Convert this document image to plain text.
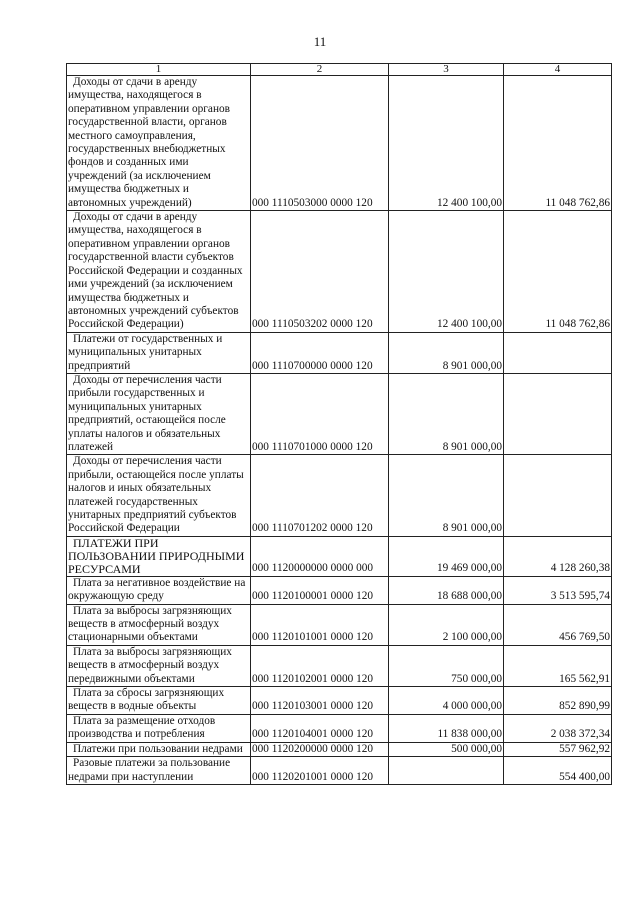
11
1	2	3	4
Доходы от сдачи в аренду имущества, находящегося в оперативном управлении органов государственной власти, органов местного самоуправления, государственных внебюджетных фондов и созданных ими учреждений (за исключением имущества бюджетных и автономных учреждений)	000 1110503000 0000 120	12 400 100,00	11 048 762,86
Доходы от сдачи в аренду имущества, находящегося в оперативном управлении органов государственной власти субъектов Российской Федерации и созданных ими учреждений (за исключением имущества бюджетных и автономных учреждений субъектов Российской Федерации)	000 1110503202 0000 120	12 400 100,00	11 048 762,86
Платежи от государственных и муниципальных унитарных предприятий	000 1110700000 0000 120	8 901 000,00	
Доходы от перечисления части прибыли государственных и муниципальных унитарных предприятий, остающейся после уплаты налогов и обязательных платежей	000 1110701000 0000 120	8 901 000,00	
Доходы от перечисления части прибыли, остающейся после уплаты налогов и иных обязательных платежей государственных унитарных предприятий субъектов Российской Федерации	000 1110701202 0000 120	8 901 000,00	
ПЛАТЕЖИ ПРИ ПОЛЬЗОВАНИИ ПРИРОДНЫМИ РЕСУРСАМИ	000 1120000000 0000 000	19 469 000,00	4 128 260,38
Плата за негативное воздействие на окружающую среду	000 1120100001 0000 120	18 688 000,00	3 513 595,74
Плата за выбросы загрязняющих веществ в атмосферный воздух стационарными объектами	000 1120101001 0000 120	2 100 000,00	456 769,50
Плата за выбросы загрязняющих веществ в атмосферный воздух передвижными объектами	000 1120102001 0000 120	750 000,00	165 562,91
Плата за сбросы загрязняющих веществ в водные объекты	000 1120103001 0000 120	4 000 000,00	852 890,99
Плата за размещение отходов производства и потребления	000 1120104001 0000 120	11 838 000,00	2 038 372,34
Платежи при пользовании недрами	000 1120200000 0000 120	500 000,00	557 962,92
Разовые платежи за пользование недрами при наступлении	000 1120201001 0000 120		554 400,00
